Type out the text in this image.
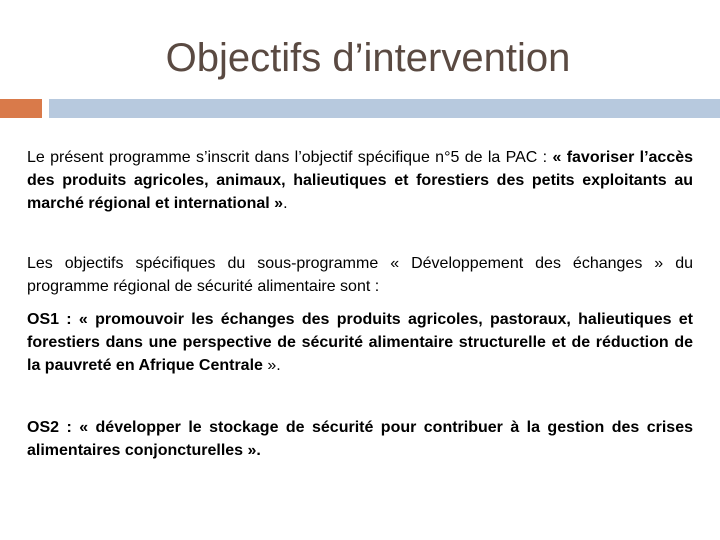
Objectifs d’intervention

Le présent programme s’inscrit dans l’objectif spécifique n°5 de la PAC : « favoriser l’accès des produits agricoles, animaux, halieutiques et forestiers des petits exploitants au marché régional et international ».

Les objectifs spécifiques du sous-programme « Développement des échanges » du programme régional de sécurité alimentaire sont :

OS1 : « promouvoir les échanges des produits agricoles, pastoraux, halieutiques et forestiers dans une perspective de sécurité alimentaire structurelle et de réduction de la pauvreté en Afrique Centrale ».

OS2 : « développer le stockage de sécurité pour contribuer à la gestion des crises alimentaires conjoncturelles ».
